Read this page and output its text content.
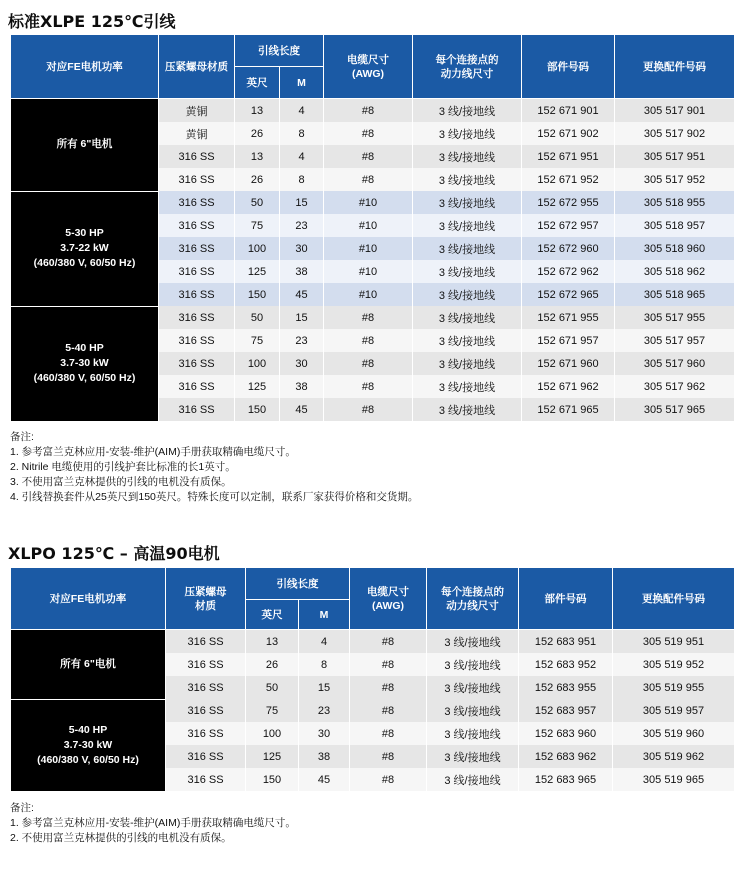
标准XLPE 125℃引线
对应FE电机功率	压紧螺母材质	引线长度		电缆尺寸
(AWG)	每个连接点的
动力线尺寸	部件号码	更换配件号码
		英尺	M				
所有 6"电机	黄铜	13	4	#8	3 线/接地线	152 671 901	305 517 901
	黄铜	26	8	#8	3 线/接地线	152 671 902	305 517 902
	316 SS	13	4	#8	3 线/接地线	152 671 951	305 517 951
	316 SS	26	8	#8	3 线/接地线	152 671 952	305 517 952
5-30 HP
3.7-22 kW
(460/380 V, 60/50 Hz)	316 SS	50	15	#10	3 线/接地线	152 672 955	305 518 955
	316 SS	75	23	#10	3 线/接地线	152 672 957	305 518 957
	316 SS	100	30	#10	3 线/接地线	152 672 960	305 518 960
	316 SS	125	38	#10	3 线/接地线	152 672 962	305 518 962
	316 SS	150	45	#10	3 线/接地线	152 672 965	305 518 965
5-40 HP
3.7-30 kW
(460/380 V, 60/50 Hz)	316 SS	50	15	#8	3 线/接地线	152 671 955	305 517 955
	316 SS	75	23	#8	3 线/接地线	152 671 957	305 517 957
	316 SS	100	30	#8	3 线/接地线	152 671 960	305 517 960
	316 SS	125	38	#8	3 线/接地线	152 671 962	305 517 962
	316 SS	150	45	#8	3 线/接地线	152 671 965	305 517 965
备注:
1. 参考富兰克林应用-安装-维护(AIM)手册获取精确电缆尺寸。
2. Nitrile 电缆使用的引线护套比标准的长1英寸。
3. 不使用富兰克林提供的引线的电机没有质保。
4. 引线替换套件从25英尺到150英尺。特殊长度可以定制，联系厂家获得价格和交货期。
XLPO 125℃ – 高温90电机
对应FE电机功率	压紧螺母
材质	引线长度		电缆尺寸
(AWG)	每个连接点的
动力线尺寸	部件号码	更换配件号码
		英尺	M				
所有 6"电机	316 SS	13	4	#8	3 线/接地线	152 683 951	305 519 951
	316 SS	26	8	#8	3 线/接地线	152 683 952	305 519 952
	316 SS	50	15	#8	3 线/接地线	152 683 955	305 519 955
5-40 HP
3.7-30 kW
(460/380 V, 60/50 Hz)	316 SS	75	23	#8	3 线/接地线	152 683 957	305 519 957
	316 SS	100	30	#8	3 线/接地线	152 683 960	305 519 960
	316 SS	125	38	#8	3 线/接地线	152 683 962	305 519 962
	316 SS	150	45	#8	3 线/接地线	152 683 965	305 519 965
备注:
1. 参考富兰克林应用-安装-维护(AIM)手册获取精确电缆尺寸。
2. 不使用富兰克林提供的引线的电机没有质保。
